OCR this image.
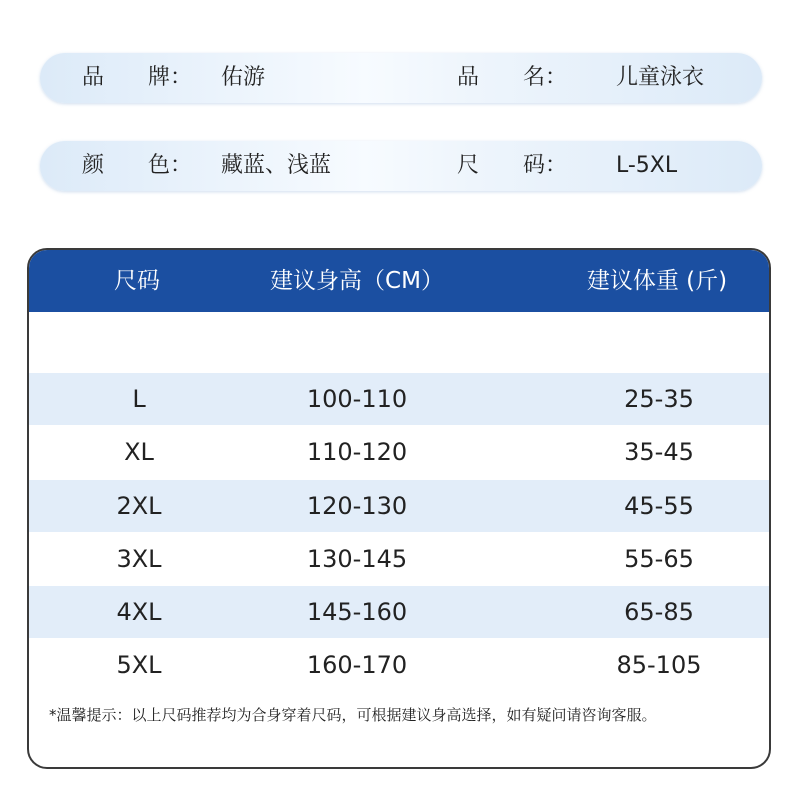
品　　牌： 佑游	品　　名： 儿童泳衣
颜　　色： 藏蓝、浅蓝	尺　　码： L-5XL
尺码	建议身高（CM）	建议体重 (斤)
L	100-110	25-35
XL	110-120	35-45
2XL	120-130	45-55
3XL	130-145	55-65
4XL	145-160	65-85
5XL	160-170	85-105
*温馨提示：以上尺码推荐均为合身穿着尺码，可根据建议身高选择，如有疑问请咨询客服。
